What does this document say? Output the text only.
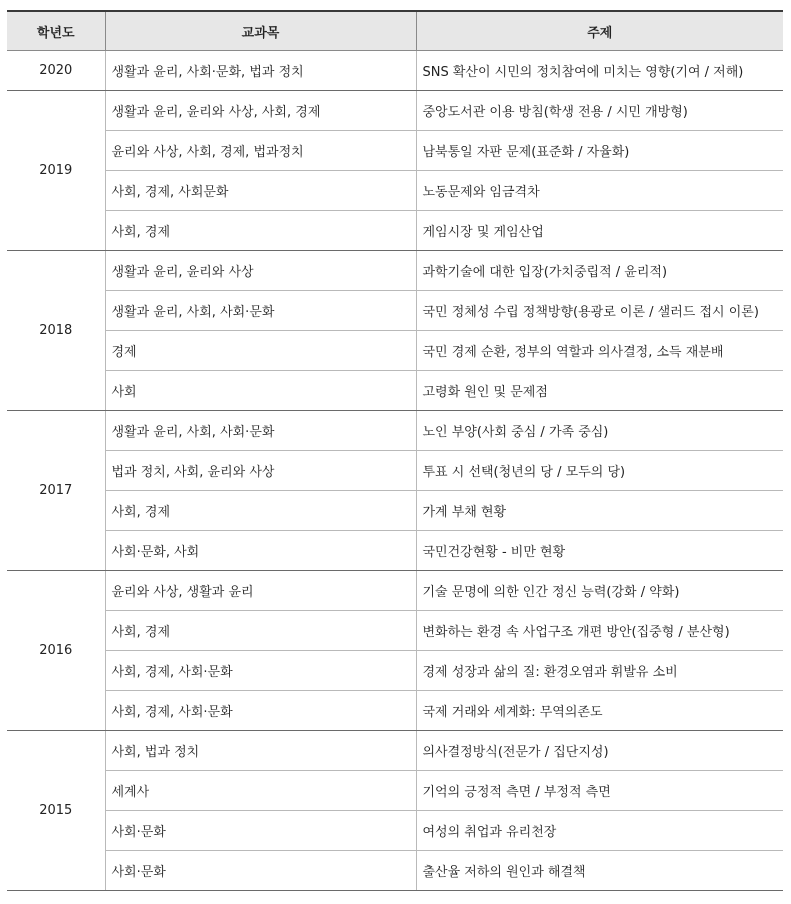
학년도	교과목	주제
2020	생활과 윤리, 사회·문화, 법과 정치	SNS 확산이 시민의 정치참여에 미치는 영향(기여 / 저해)
2019	생활과 윤리, 윤리와 사상, 사회, 경제	중앙도서관 이용 방침(학생 전용 / 시민 개방형)
	윤리와 사상, 사회, 경제, 법과정치	남북통일 자판 문제(표준화 / 자율화)
	사회, 경제, 사회문화	노동문제와 임금격차
	사회, 경제	게임시장 및 게임산업
2018	생활과 윤리, 윤리와 사상	과학기술에 대한 입장(가치중립적 / 윤리적)
	생활과 윤리, 사회, 사회·문화	국민 정체성 수립 정책방향(용광로 이론 / 샐러드 접시 이론)
	경제	국민 경제 순환, 정부의 역할과 의사결정, 소득 재분배
	사회	고령화 원인 및 문제점
2017	생활과 윤리, 사회, 사회·문화	노인 부양(사회 중심 / 가족 중심)
	법과 정치, 사회, 윤리와 사상	투표 시 선택(청년의 당 / 모두의 당)
	사회, 경제	가계 부채 현황
	사회·문화, 사회	국민건강현황 - 비만 현황
2016	윤리와 사상, 생활과 윤리	기술 문명에 의한 인간 정신 능력(강화 / 약화)
	사회, 경제	변화하는 환경 속 사업구조 개편 방안(집중형 / 분산형)
	사회, 경제, 사회·문화	경제 성장과 삶의 질: 환경오염과 휘발유 소비
	사회, 경제, 사회·문화	국제 거래와 세계화: 무역의존도
2015	사회, 법과 정치	의사결정방식(전문가 / 집단지성)
	세계사	기억의 긍정적 측면 / 부정적 측면
	사회·문화	여성의 취업과 유리천장
	사회·문화	출산율 저하의 원인과 해결책
